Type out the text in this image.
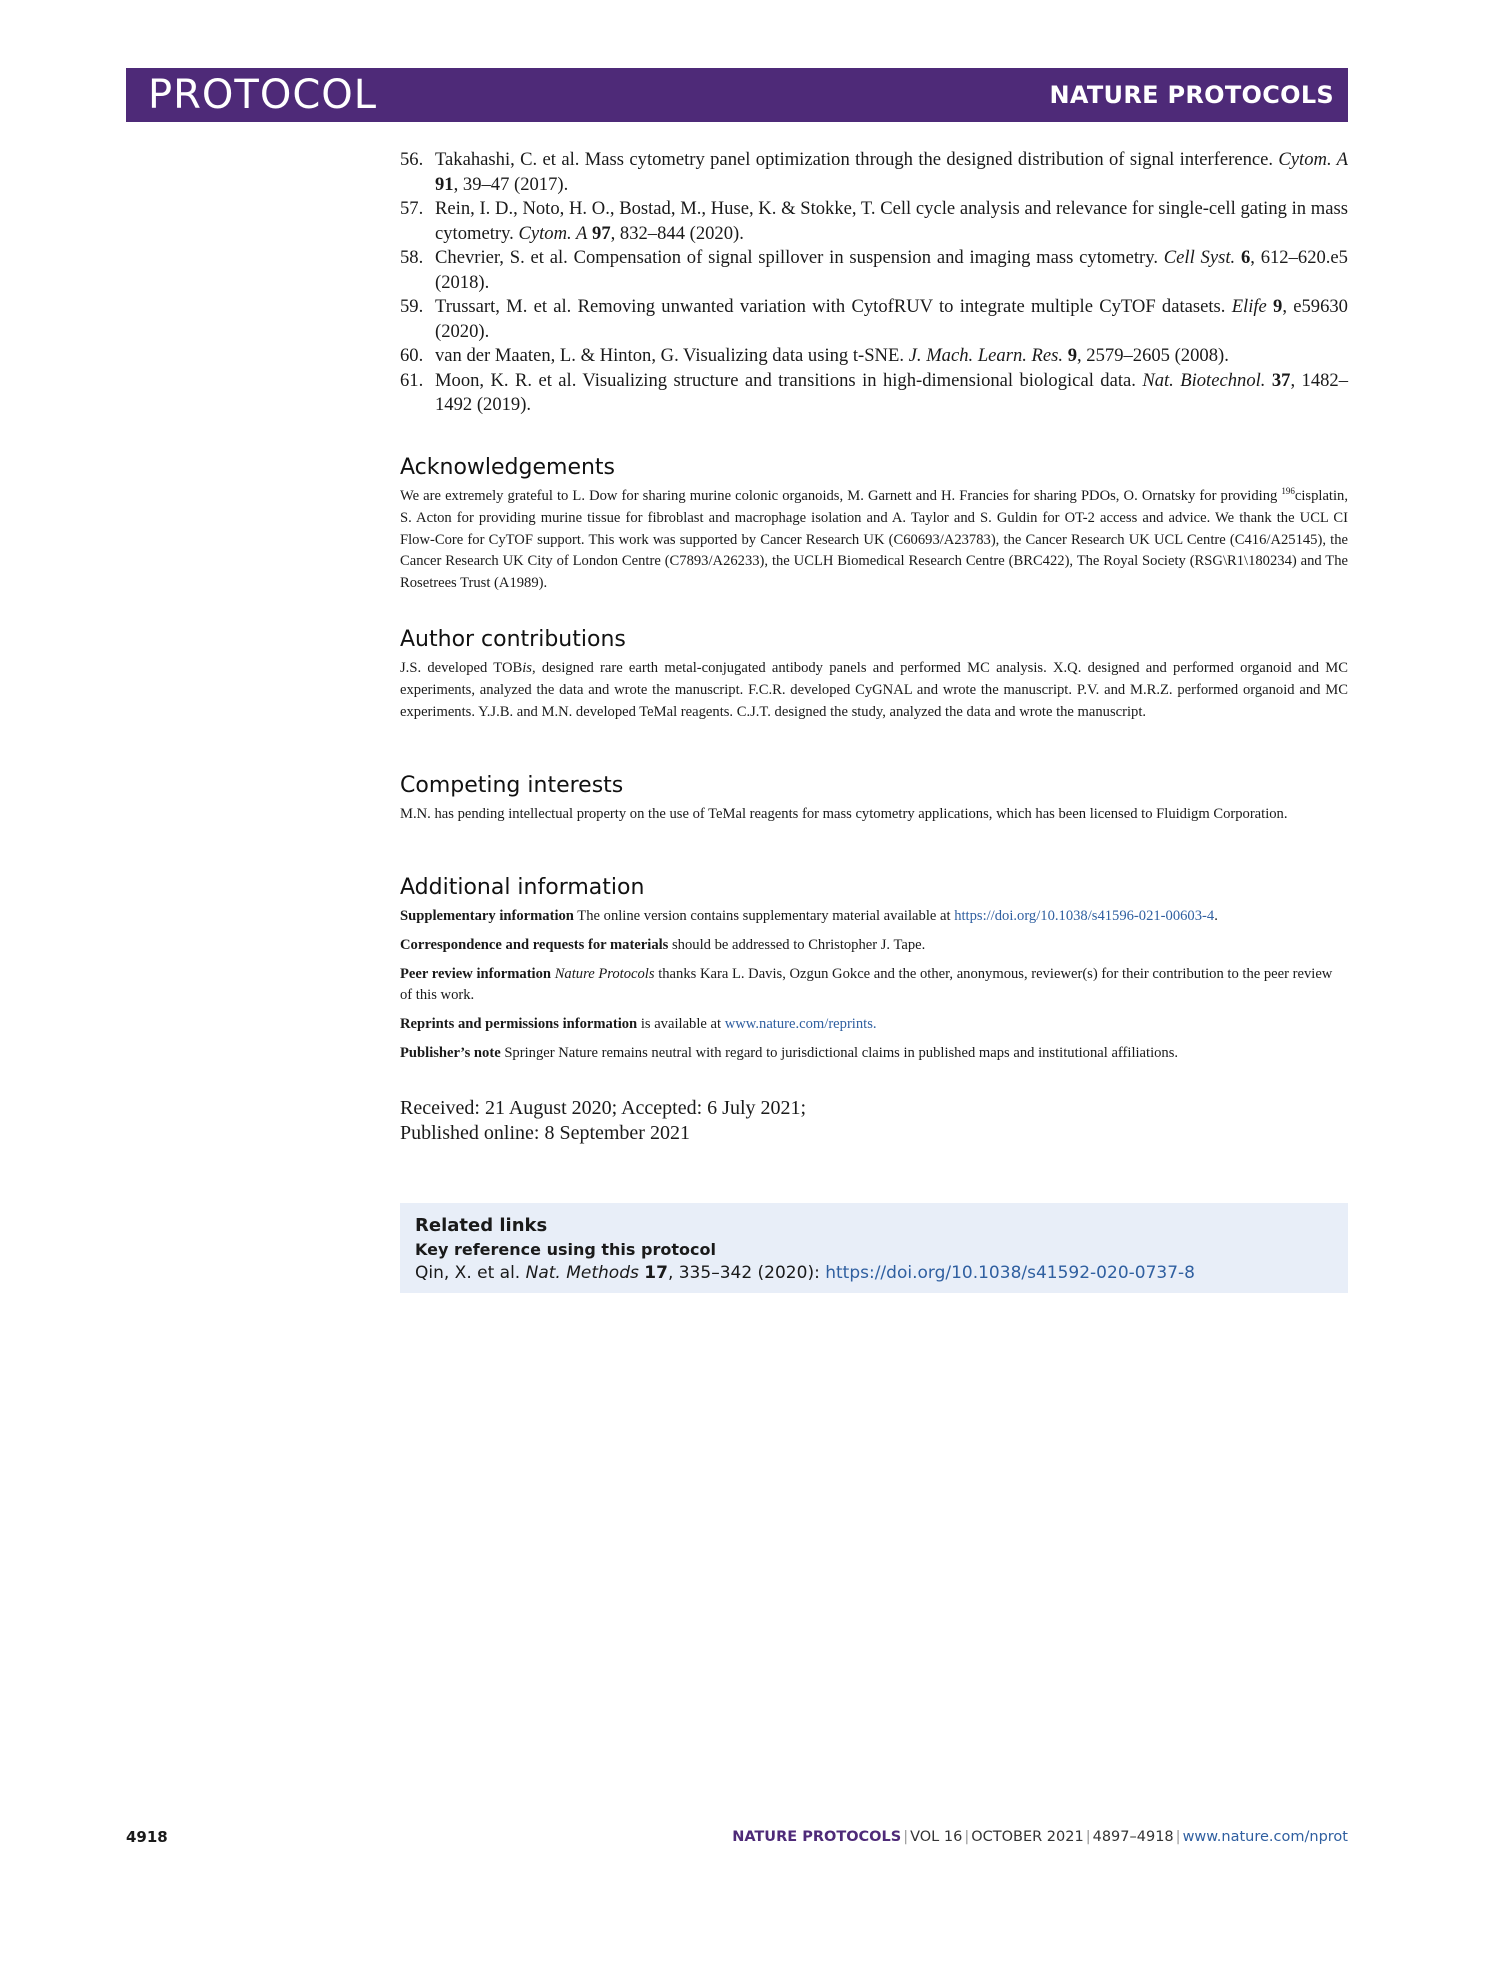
PROTOCOL	NATURE PROTOCOLS
56. Takahashi, C. et al. Mass cytometry panel optimization through the designed distribution of signal interference. Cytom. A 91, 39–47 (2017).
57. Rein, I. D., Noto, H. O., Bostad, M., Huse, K. & Stokke, T. Cell cycle analysis and relevance for single-cell gating in mass cytometry. Cytom. A 97, 832–844 (2020).
58. Chevrier, S. et al. Compensation of signal spillover in suspension and imaging mass cytometry. Cell Syst. 6, 612–620.e5 (2018).
59. Trussart, M. et al. Removing unwanted variation with CytofRUV to integrate multiple CyTOF datasets. Elife 9, e59630 (2020).
60. van der Maaten, L. & Hinton, G. Visualizing data using t-SNE. J. Mach. Learn. Res. 9, 2579–2605 (2008).
61. Moon, K. R. et al. Visualizing structure and transitions in high-dimensional biological data. Nat. Biotechnol. 37, 1482–1492 (2019).
Acknowledgements

We are extremely grateful to L. Dow for sharing murine colonic organoids, M. Garnett and H. Francies for sharing PDOs, O. Ornatsky for providing $^{196}$cisplatin, S. Acton for providing murine tissue for fibroblast and macrophage isolation and A. Taylor and S. Guldin for OT-2 access and advice. We thank the UCL CI Flow-Core for CyTOF support. This work was supported by Cancer Research UK (C60693/A23783), the Cancer Research UK UCL Centre (C416/A25145), the Cancer Research UK City of London Centre (C7893/A26233), the UCLH Biomedical Research Centre (BRC422), The Royal Society (RSG\R1\180234) and The Rosetrees Trust (A1989).

Author contributions

J.S. developed TOBis, designed rare earth metal-conjugated antibody panels and performed MC analysis. X.Q. designed and performed organoid and MC experiments, analyzed the data and wrote the manuscript. F.C.R. developed CyGNAL and wrote the manuscript. P.V. and M.R.Z. performed organoid and MC experiments. Y.J.B. and M.N. developed TeMal reagents. C.J.T. designed the study, analyzed the data and wrote the manuscript.

Competing interests

M.N. has pending intellectual property on the use of TeMal reagents for mass cytometry applications, which has been licensed to Fluidigm Corporation.

Additional information
Supplementary information The online version contains supplementary material available at https://doi.org/10.1038/s41596-021-00603-4.
Correspondence and requests for materials should be addressed to Christopher J. Tape.
Peer review information Nature Protocols thanks Kara L. Davis, Ozgun Gokce and the other, anonymous, reviewer(s) for their contribution to the peer review of this work.
Reprints and permissions information is available at www.nature.com/reprints.
Publisher’s note Springer Nature remains neutral with regard to jurisdictional claims in published maps and institutional affiliations.
Received: 21 August 2020; Accepted: 6 July 2021;
Published online: 8 September 2021
Related links
Key reference using this protocol
Qin, X. et al. Nat. Methods 17, 335–342 (2020): https://doi.org/10.1038/s41592-020-0737-8
4918	NATURE PROTOCOLS | VOL 16 | OCTOBER 2021 | 4897–4918 | www.nature.com/nprot
